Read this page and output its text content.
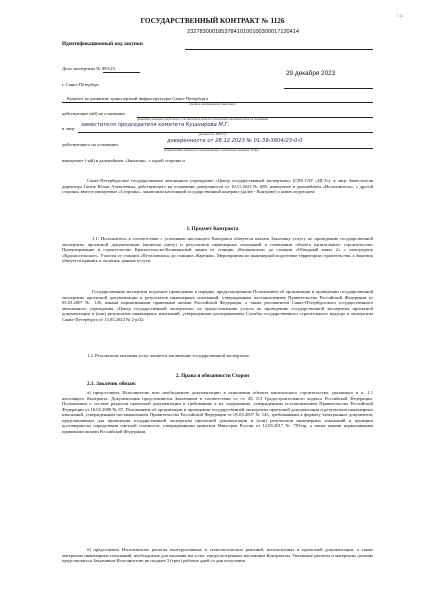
7.44
ГОСУДАРСТВЕННЫЙ КОНТРАКТ № 1126
Идентификационный код закупки
232783000185378410100100300017120414
Дело экспертизы № 893-23
г. Санкт-Петербург
29 декабря 2023
Комитет по развитию транспортной инфраструктуры Санкт-Петербурга
(полное наименование Заказчика)
действующее (ий) на основании
(реквизиты доверенности/договора, если Заказчик не является Техническим заказчиком и/или Застройщиком)
в лице
заместителя председателя комитета Кушнирова М.Г.
(должность, Ф.И.О.)
действующего на основании
доверенности от 28.12.2023 № 01-39-3604/23-0-0
(наименование документа, подтверждающего полномочия, например, Устав)
именуемое (-ый) в дальнейшем «Заказчик», с одной стороны и
Санкт-Петербургское государственное автономное учреждение «Центр государственной экспертизы» (СПб ГАУ «ЦГЭ»), в лице Заместителя директора Гасюк Юлии Алексеевны, действующего на основании доверенности от 10.11.2023 № 689, именуемое в дальнейшем «Исполнитель», с другой стороны, вместе именуемые «Стороны», заключили настоящий государственный контракт (далее - Контракт) о нижеследующем:
1. Предмет Контракта
1.1. Исполнитель в соответствии с условиями настоящего Контракта обязуется оказать Заказчику услугу по проведению государственной экспертизы проектной документации (включая смету) и результатов инженерных изысканий в отношении объекта капитального строительства: Проектирование и строительство Красносельско-Калининской линии от станции «Казаковская» до станции «Обводный канал 2» с электродепо «Красносельское». Участок от станции «Путиловская» до станции «Картная». Мероприятия по инженерной подготовке территории строительства, а Заказчик обязуется принять и оплатить данные услуги.
Государственная экспертиза подлежит проведению в порядке, предусмотренном Положением об организации и проведении государственной экспертизы проектной документации и результатов инженерных изысканий, утвержденным постановлением Правительства Российской Федерации от 05.03.2007 № 145, иными нормативными правовыми актами Российской Федерации, а также регламентом Санкт-Петербургского государственного автономного учреждения «Центр государственной экспертизы» по предоставлению услуги по проведению государственной экспертизы проектной документации и (или) результатов инженерных изысканий, утвержденным распоряжением Службы государственного строительного надзора и экспертизы Санкт-Петербурга от 13.05.2022 № 2-р/22.
1.2. Результатом оказания услуг является заключение государственной экспертизы.
2. Права и обязанности Сторон
2.1. Заказчик обязан:
а) предоставить Исполнителю всю необходимую документацию в отношении объекта капитального строительства, указанного в п. 1.1 настоящего Контракта. Документация представляется Заказчиком в соответствии со ст. 49, 8.3 Градостроительного кодекса Российской Федерации, Положением о составе разделов проектной документации и требованиях к их содержанию, утвержденным постановлением Правительства Российской Федерации от 16.02.2008 № 87, Положением об организации и проведении государственной экспертизы проектной документации и результатов инженерных изысканий, утвержденным постановлением Правительства Российской Федерации от 05.03.2007 № 145, требованиями к формату электронных документов, представляемых для проведения государственной экспертизы проектной документации и (или) результатов инженерных изысканий и проверки достоверности определения сметной стоимости, утвержденными приказом Минстроя России от 12.05.2017 № 783/пр, а также иными нормативными правовыми актами Российской Федерации.
б) представлять Исполнителю расчеты конструктивных и технологических решений, используемых в проектной документации, а также материалы инженерных изысканий, необходимые для оказания им услуг, предусмотренных настоящим Контрактом. Указанные расчеты и материалы должны представляться Заказчиком Исполнителю не позднее 3 (трех) рабочих дней со дня получения
